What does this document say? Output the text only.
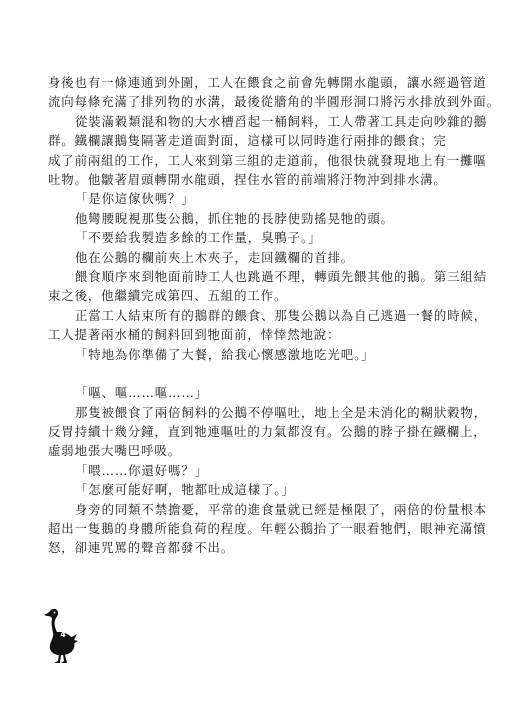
身後也有一條連通到外圍，工人在餵食之前會先轉開水龍頭，讓水經過管道

流向每條充滿了排列物的水溝，最後從牆角的半圓形洞口將污水排放到外面。

從裝滿穀類混和物的大水槽舀起一桶飼料，工人帶著工具走向吵雜的鵝

群。鐵欄讓鵝隻隔著走道面對面，這樣可以同時進行兩排的餵食；完

成了前兩組的工作，工人來到第三組的走道前，他很快就發現地上有一攤嘔

吐物。他皺著眉頭轉開水龍頭，捏住水管的前端將汙物沖到排水溝。

「是你這傢伙嗎？」

他彎腰睨視那隻公鵝，抓住牠的長脖使勁搖晃牠的頭。

「不要給我製造多餘的工作量，臭鴨子。」

他在公鵝的欄前夾上木夾子，走回鐵欄的首排。

餵食順序來到牠面前時工人也跳過不理，轉頭先餵其他的鵝。第三組結

束之後，他繼續完成第四、五組的工作。

正當工人結束所有的鵝群的餵食、那隻公鵝以為自己逃過一餐的時候，

工人提著兩水桶的飼料回到牠面前，悻悻然地說：

「特地為你準備了大餐，給我心懷感激地吃光吧。」

「嘔、嘔……嘔……」

那隻被餵食了兩倍飼料的公鵝不停嘔吐，地上全是未消化的糊狀穀物，

反胃持續十幾分鐘，直到牠連嘔吐的力氣都沒有。公鵝的脖子掛在鐵欄上，

虛弱地張大嘴巴呼吸。

「喂……你還好嗎？」

「怎麼可能好啊，牠都吐成這樣了。」

身旁的同類不禁擔憂，平常的進食量就已經是極限了，兩倍的份量根本

超出一隻鵝的身體所能負荷的程度。年輕公鵝抬了一眼看牠們，眼神充滿憤

怒，卻連咒罵的聲音都發不出。

4
